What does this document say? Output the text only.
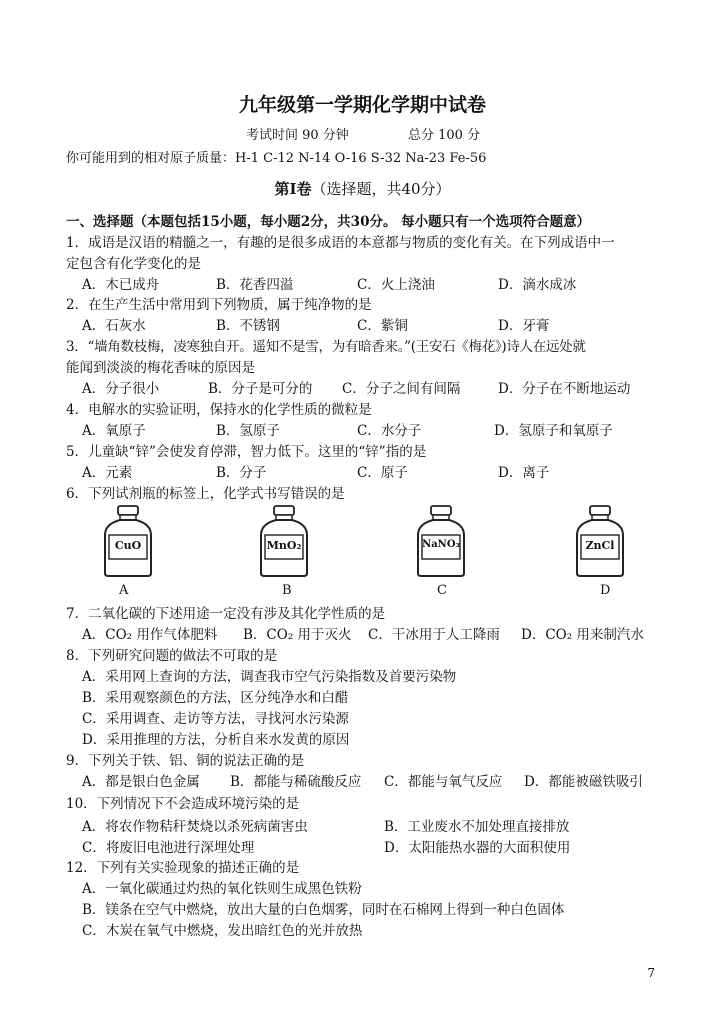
九年级第一学期化学期中试卷
考试时间 90 分钟	总分 100 分
你可能用到的相对原子质量：H-1 C-12 N-14 O-16 S-32 Na-23 Fe-56
第Ⅰ卷（选择题，共40分）
一、选择题（本题包括15小题，每小题2分，共30分。 每小题只有一个选项符合题意）
1．成语是汉语的精髓之一，有趣的是很多成语的本意都与物质的变化有关。在下列成语中一
定包含有化学变化的是
A．木已成舟	B．花香四溢	C．火上浇油	D．滴水成冰
2．在生产生活中常用到下列物质，属于纯净物的是
A．石灰水	B．不锈钢	C．紫铜	D．牙膏
3．“墙角数枝梅，凌寒独自开。遥知不是雪，为有暗香来。”(王安石《梅花》)诗人在远处就
能闻到淡淡的梅花香味的原因是
A．分子很小	B．分子是可分的 C．分子之间有间隔	D．分子在不断地运动
4．电解水的实验证明，保持水的化学性质的微粒是
A．氧原子	B．氢原子	C．水分子	D．氢原子和氧原子
5．儿童缺“锌”会使发育停滞，智力低下。这里的“锌”指的是
A．元素	B．分子	C．原子	D．离子
6．下列试剂瓶的标签上，化学式书写错误的是
CuO
A
MnO₂
B
NaNO₃
C
ZnCl
D
7．二氧化碳的下述用途一定没有涉及其化学性质的是
A．CO₂ 用作气体肥料 B．CO₂ 用于灭火 C．干冰用于人工降雨 D．CO₂ 用来制汽水
8．下列研究问题的做法不可取的是
A．采用网上查询的方法，调查我市空气污染指数及首要污染物
B．采用观察颜色的方法，区分纯净水和白醋
C．采用调查、走访等方法，寻找河水污染源
D．采用推理的方法，分析自来水发黄的原因
9．下列关于铁、铝、铜的说法正确的是
A．都是银白色金属 B．都能与稀硫酸反应 C．都能与氧气反应 D．都能被磁铁吸引
10．下列情况下不会造成环境污染的是
A．将农作物秸秆焚烧以杀死病菌害虫	B．工业废水不加处理直接排放
C．将废旧电池进行深埋处理	D．太阳能热水器的大面积使用
12．下列有关实验现象的描述正确的是
A．一氧化碳通过灼热的氧化铁则生成黑色铁粉
B．镁条在空气中燃烧，放出大量的白色烟雾，同时在石棉网上得到一种白色固体
C．木炭在氧气中燃烧，发出暗红色的光并放热
7
